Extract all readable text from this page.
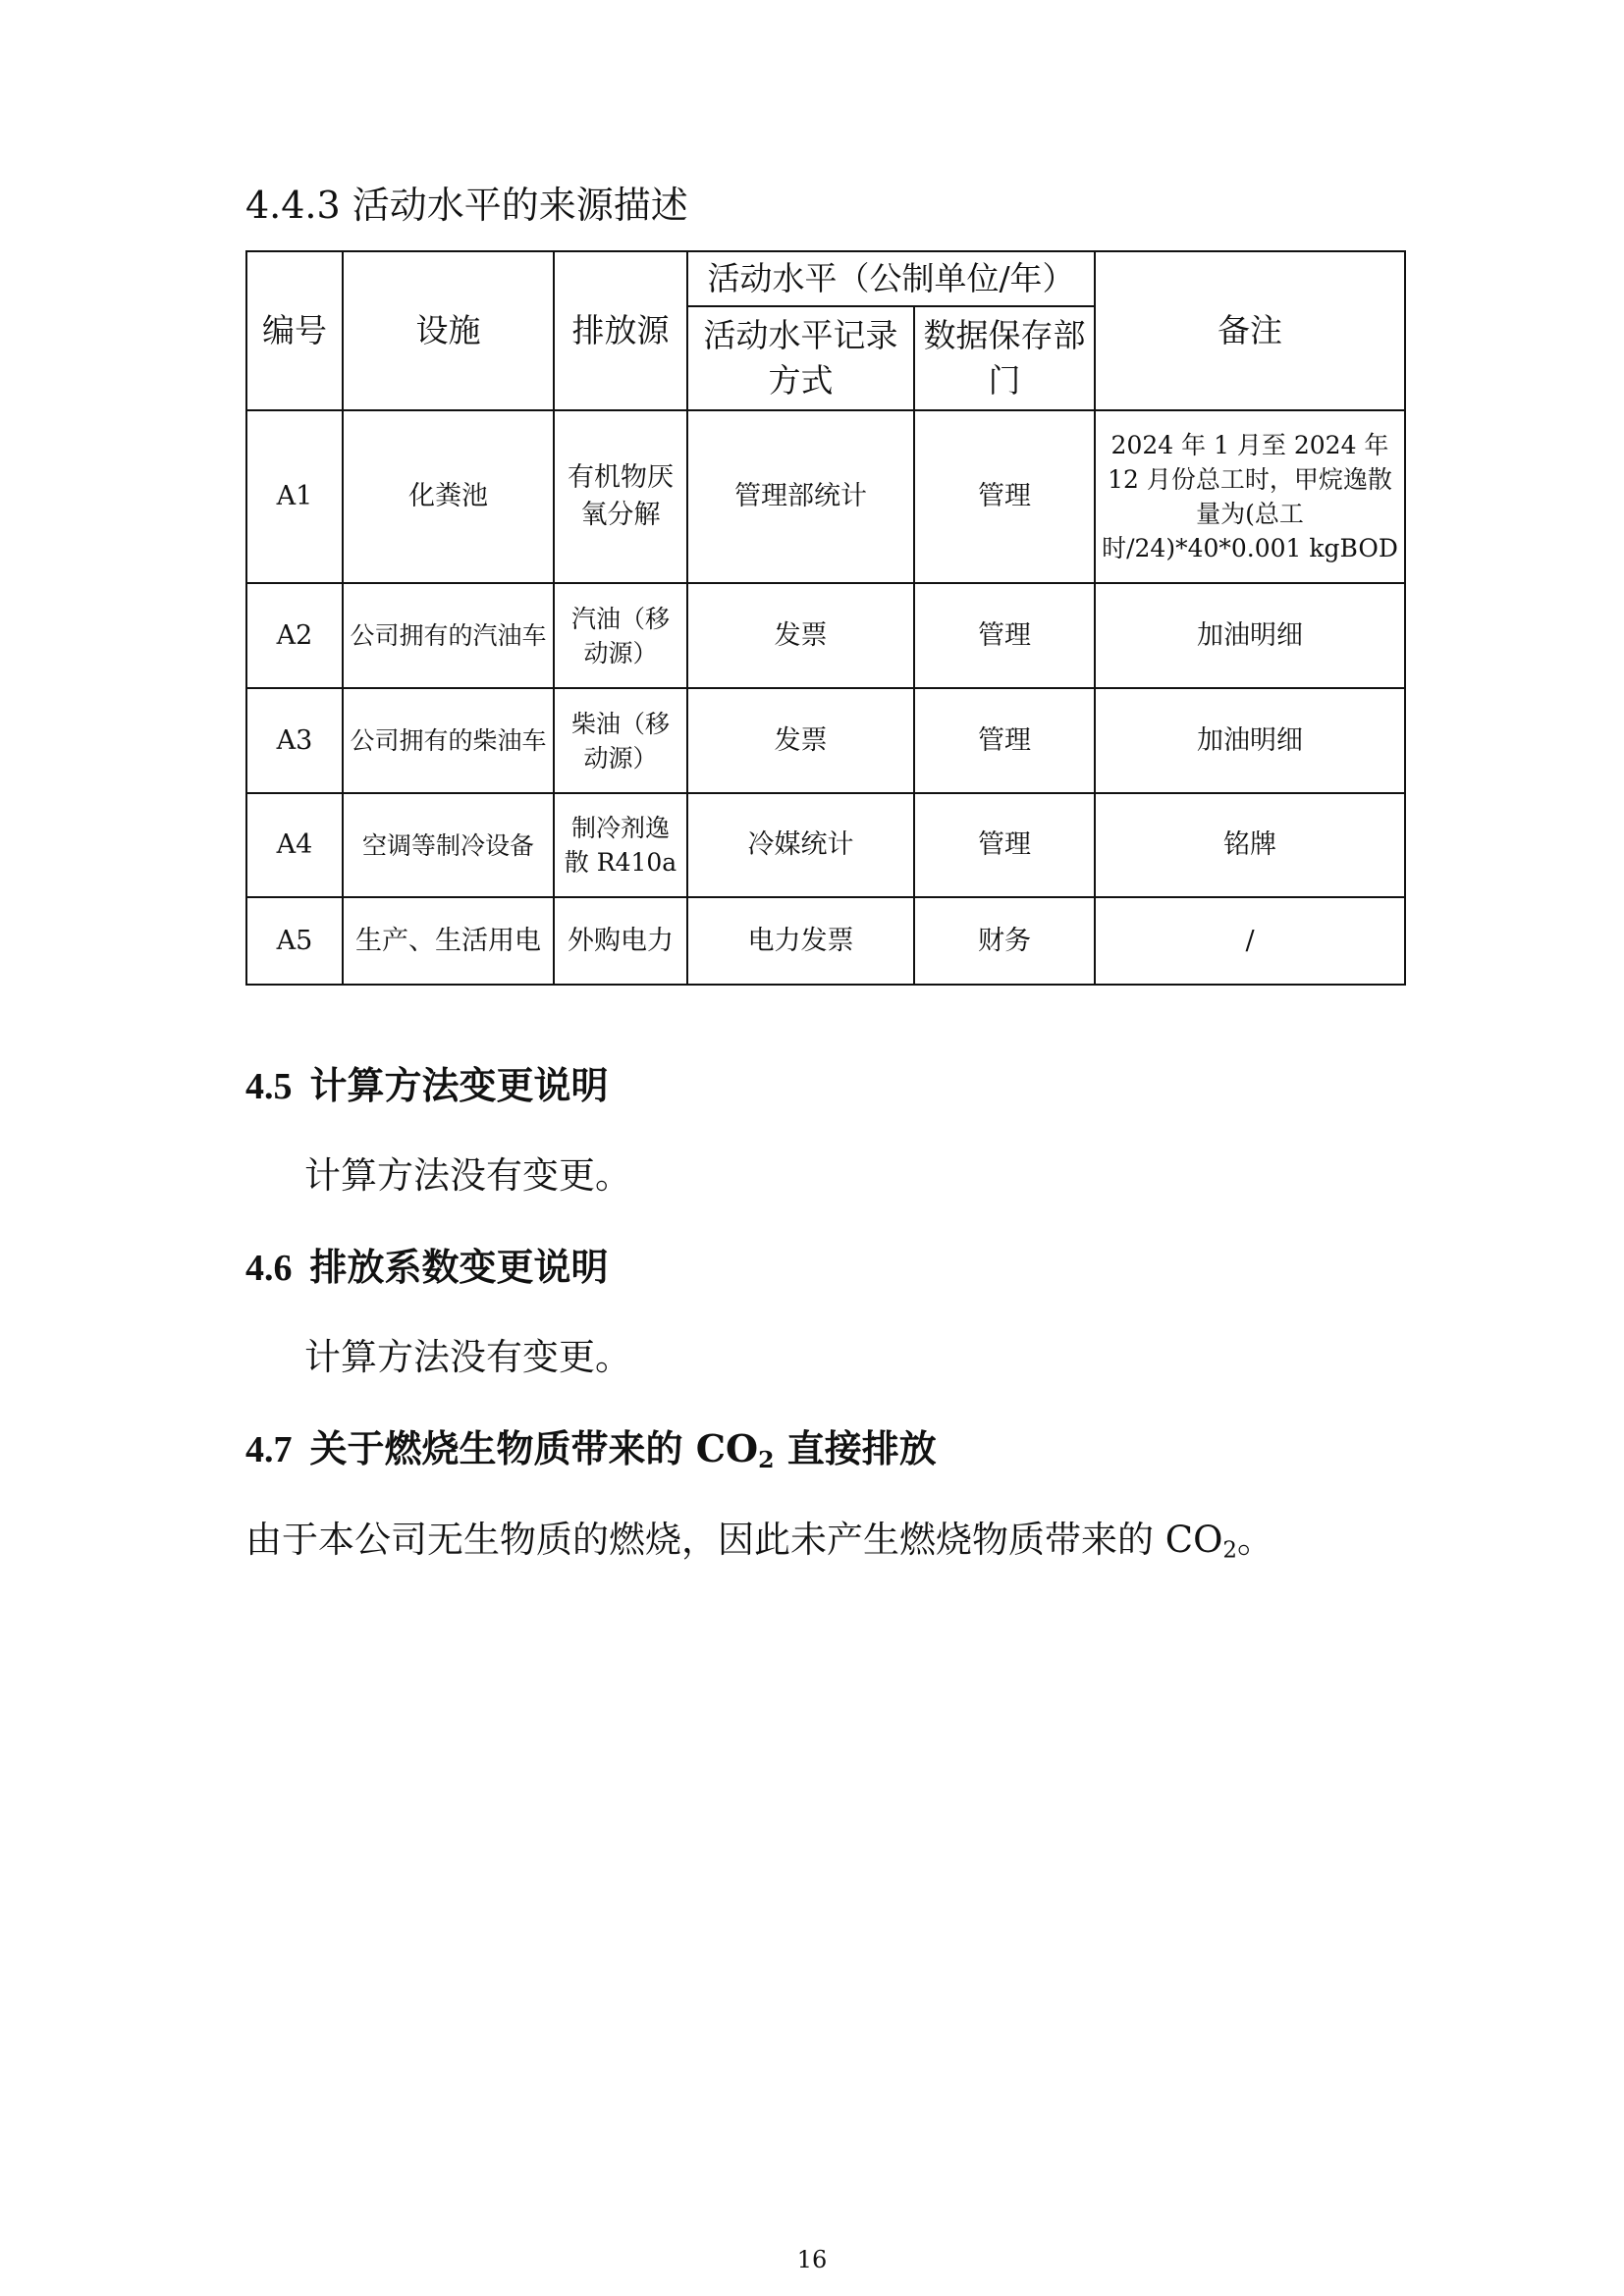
4.4.3 活动水平的来源描述
编号	设施	排放源	活动水平（公制单位/年）		备注
			活动水平记录方式	数据保存部门	
A1	化粪池	有机物厌氧分解	管理部统计	管理	2024 年 1 月至 2024 年 12 月份总工时，甲烷逸散量为(总工时/24)*40*0.001 kgBOD
A2	公司拥有的汽油车	汽油（移动源）	发票	管理	加油明细
A3	公司拥有的柴油车	柴油（移动源）	发票	管理	加油明细
A4	空调等制冷设备	制冷剂逸散 R410a	冷媒统计	管理	铭牌
A5	生产、生活用电	外购电力	电力发票	财务	/
4.5 计算方法变更说明
计算方法没有变更。
4.6 排放系数变更说明
计算方法没有变更。
4.7 关于燃烧生物质带来的 $CO_2$ 直接排放
由于本公司无生物质的燃烧，因此未产生燃烧物质带来的 $CO_2$。
16
